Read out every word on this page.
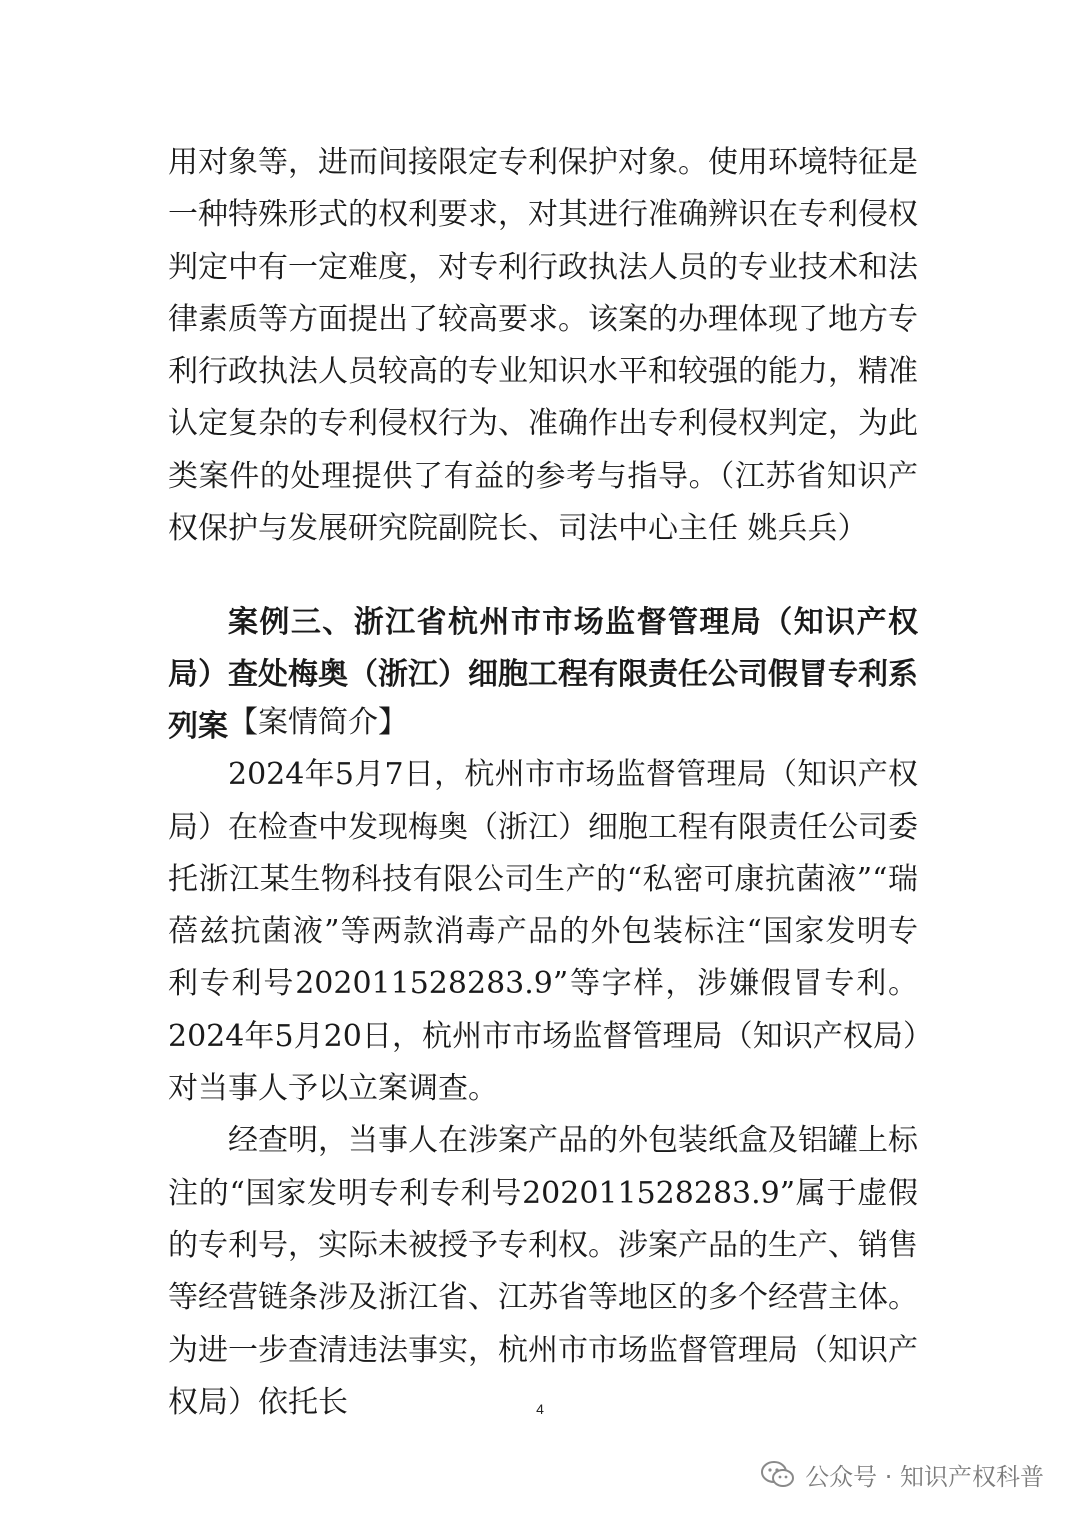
用对象等，进而间接限定专利保护对象。使用环境特征是一种特殊形式的权利要求，对其进行准确辨识在专利侵权判定中有一定难度，对专利行政执法人员的专业技术和法律素质等方面提出了较高要求。该案的办理体现了地方专利行政执法人员较高的专业知识水平和较强的能力，精准认定复杂的专利侵权行为、准确作出专利侵权判定，为此类案件的处理提供了有益的参考与指导。（江苏省知识产权保护与发展研究院副院长、司法中心主任 姚兵兵）

案例三、浙江省杭州市市场监督管理局（知识产权局）查处梅奥（浙江）细胞工程有限责任公司假冒专利系列案 【案情简介】

2024年5月7日，杭州市市场监督管理局（知识产权局）在检查中发现梅奥（浙江）细胞工程有限责任公司委托浙江某生物科技有限公司生产的“私密可康抗菌液”“瑞蓓兹抗菌液”等两款消毒产品的外包装标注“国家发明专利专利号202011528283.9”等字样，涉嫌假冒专利。2024年5月20日，杭州市市场监督管理局（知识产权局）对当事人予以立案调查。

经查明，当事人在涉案产品的外包装纸盒及铝罐上标注的“国家发明专利专利号202011528283.9”属于虚假的专利号，实际未被授予专利权。涉案产品的生产、销售等经营链条涉及浙江省、江苏省等地区的多个经营主体。为进一步查清违法事实，杭州市市场监督管理局（知识产权局）依托长	4
公众号 · 知识产权科普
